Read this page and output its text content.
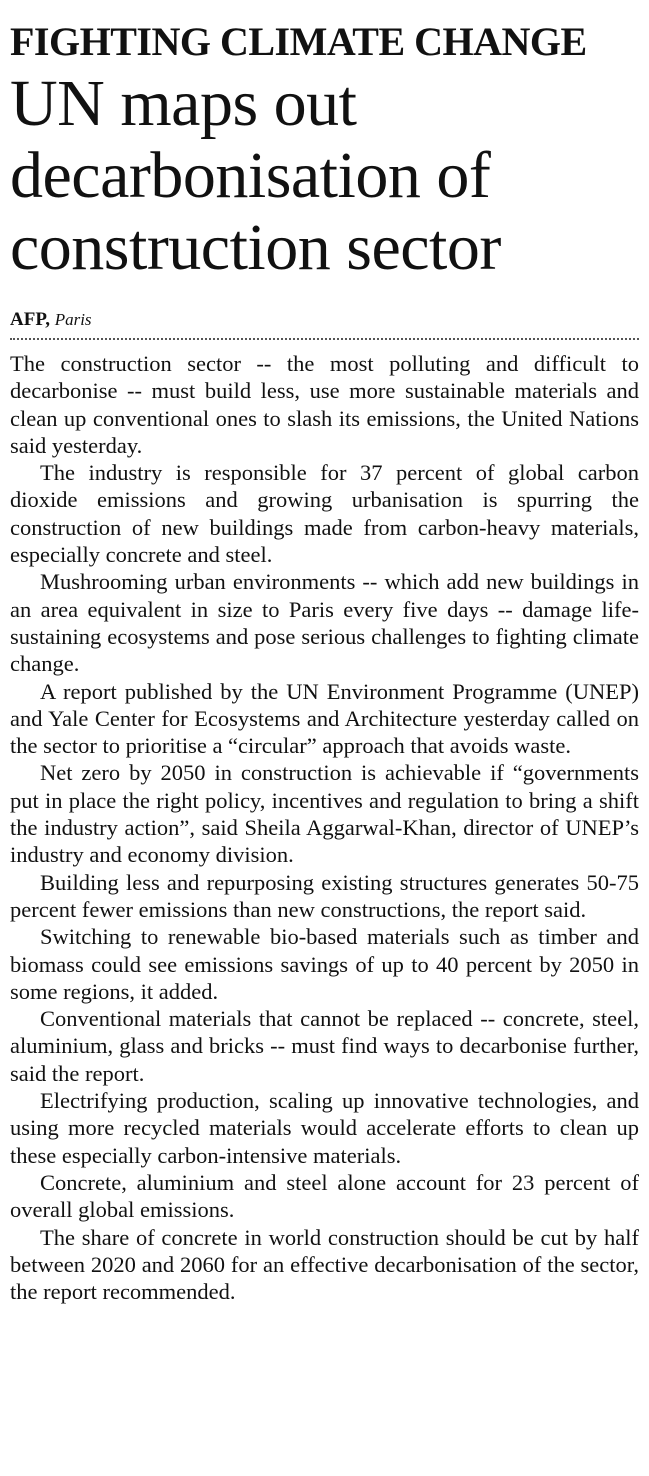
FIGHTING CLIMATE CHANGE
UN maps out decarbonisation of construction sector
AFP, Paris

The construction sector -- the most polluting and difficult to decarbonise -- must build less, use more sustainable materials and clean up conventional ones to slash its emissions, the United Nations said yesterday.

The industry is responsible for 37 percent of global carbon dioxide emissions and growing urbanisation is spurring the construction of new buildings made from carbon-heavy materials, especially concrete and steel.

Mushrooming urban environments -- which add new buildings in an area equivalent in size to Paris every five days -- damage life-sustaining ecosystems and pose serious challenges to fighting climate change.

A report published by the UN Environment Programme (UNEP) and Yale Center for Ecosystems and Architecture yesterday called on the sector to prioritise a “circular” approach that avoids waste.

Net zero by 2050 in construction is achievable if “governments put in place the right policy, incentives and regulation to bring a shift the industry action”, said Sheila Aggarwal-Khan, director of UNEP’s industry and economy division.

Building less and repurposing existing structures generates 50-75 percent fewer emissions than new constructions, the report said.

Switching to renewable bio-based materials such as timber and biomass could see emissions savings of up to 40 percent by 2050 in some regions, it added.

Conventional materials that cannot be replaced -- concrete, steel, aluminium, glass and bricks -- must find ways to decarbonise further, said the report.

Electrifying production, scaling up innovative technologies, and using more recycled materials would accelerate efforts to clean up these especially carbon-intensive materials.

Concrete, aluminium and steel alone account for 23 percent of overall global emissions.

The share of concrete in world construction should be cut by half between 2020 and 2060 for an effective decarbonisation of the sector, the report recommended.
